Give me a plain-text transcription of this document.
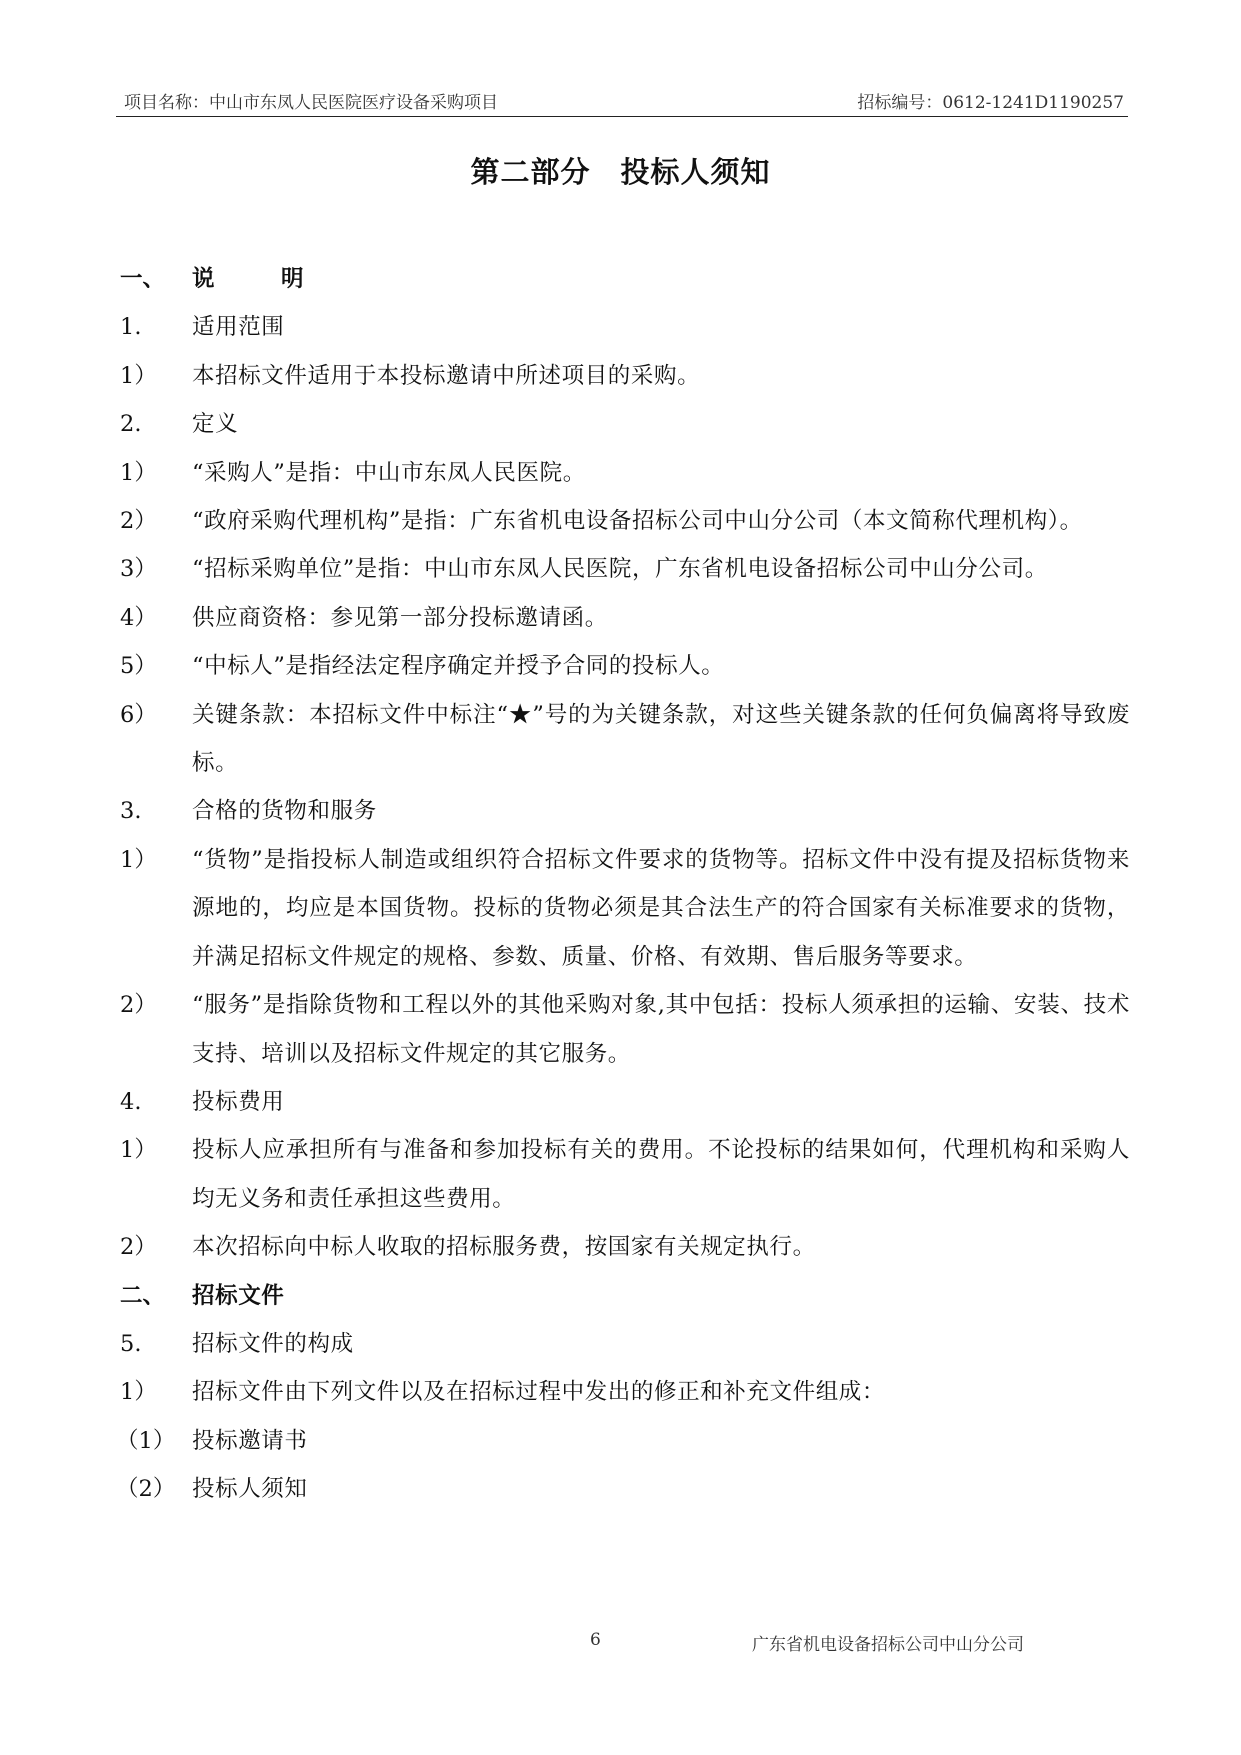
项目名称：中山市东凤人民医院医疗设备采购项目	招标编号：0612-1241D1190257
第二部分　投标人须知
一、	说　明
1.	适用范围
1）	本招标文件适用于本投标邀请中所述项目的采购。
2.	定义
1）	“采购人”是指：中山市东凤人民医院。
2）	“政府采购代理机构”是指：广东省机电设备招标公司中山分公司（本文简称代理机构）。
3）	“招标采购单位”是指：中山市东凤人民医院，广东省机电设备招标公司中山分公司。
4）	供应商资格：参见第一部分投标邀请函。
5）	“中标人”是指经法定程序确定并授予合同的投标人。
6）	关键条款：本招标文件中标注“★”号的为关键条款，对这些关键条款的任何负偏离将导致废标。
3.	合格的货物和服务
1）	“货物”是指投标人制造或组织符合招标文件要求的货物等。招标文件中没有提及招标货物来源地的，均应是本国货物。投标的货物必须是其合法生产的符合国家有关标准要求的货物，并满足招标文件规定的规格、参数、质量、价格、有效期、售后服务等要求。
2）	“服务”是指除货物和工程以外的其他采购对象,其中包括：投标人须承担的运输、安装、技术支持、培训以及招标文件规定的其它服务。
4.	投标费用
1）	投标人应承担所有与准备和参加投标有关的费用。不论投标的结果如何，代理机构和采购人均无义务和责任承担这些费用。
2）	本次招标向中标人收取的招标服务费，按国家有关规定执行。
二、	招标文件
5.	招标文件的构成
1）	招标文件由下列文件以及在招标过程中发出的修正和补充文件组成：
（1） 投标邀请书
（2） 投标人须知
6	广东省机电设备招标公司中山分公司
